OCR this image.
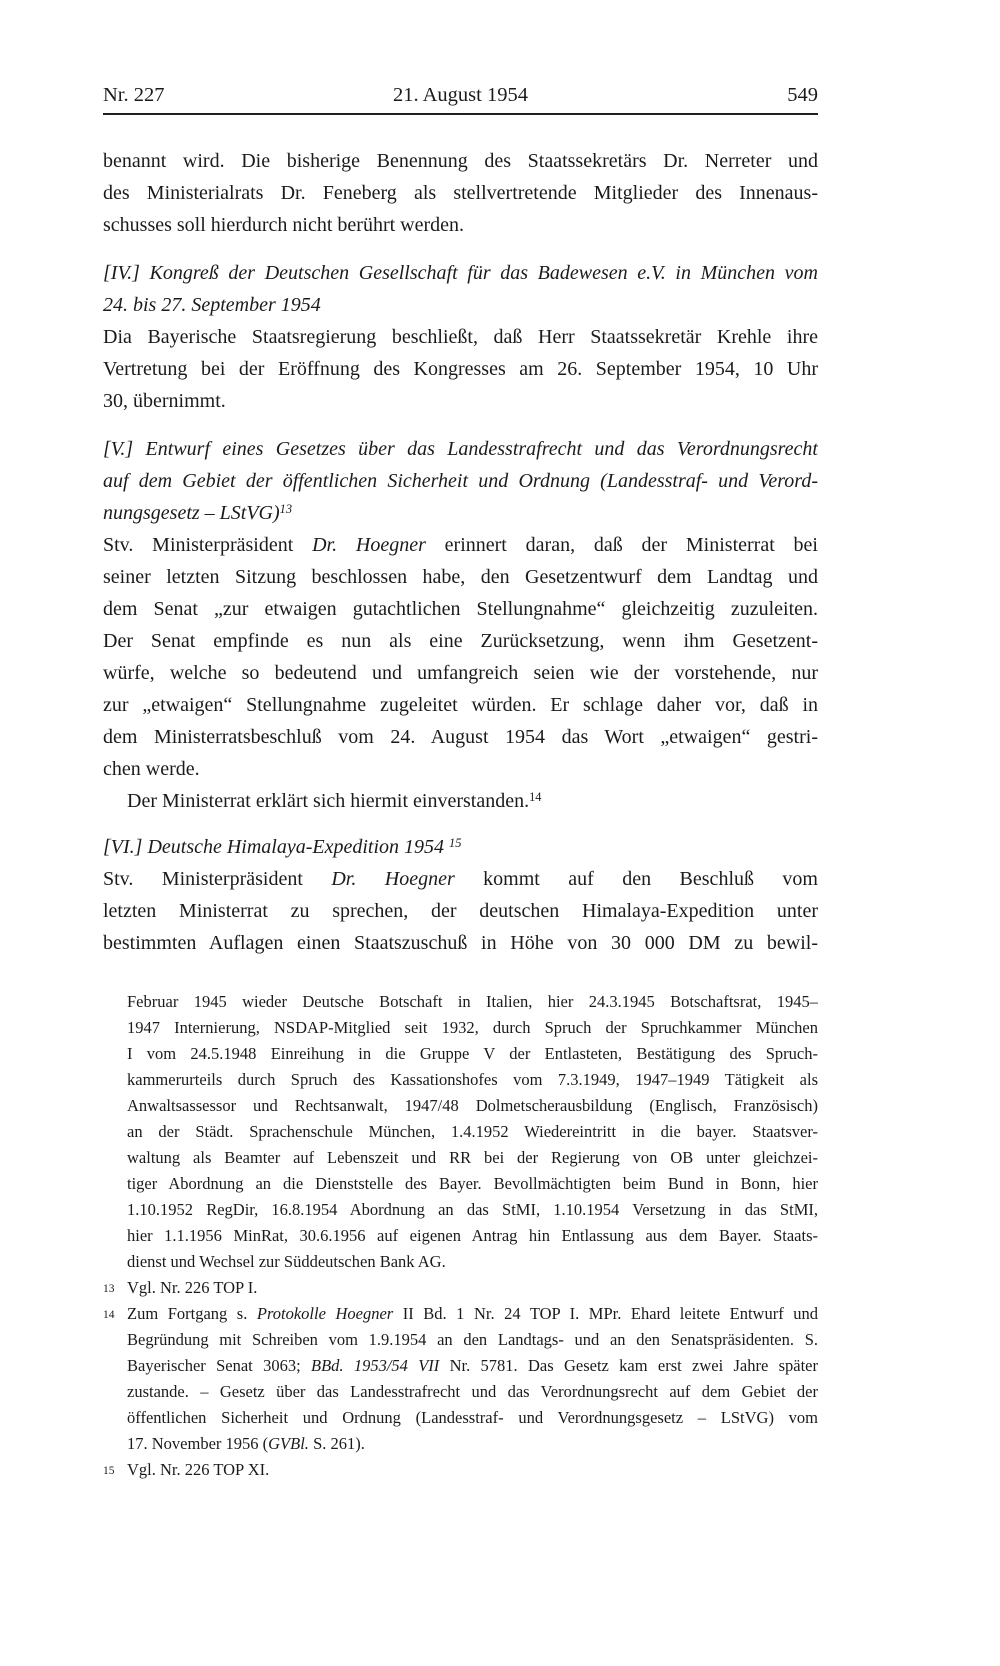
Nr. 227	21. August 1954	549
benannt wird. Die bisherige Benennung des Staatssekretärs Dr. Nerreter und
des Ministerialrats Dr. Feneberg als stellvertretende Mitglieder des Innenaus-
schusses soll hierdurch nicht berührt werden.
[IV.] Kongreß der Deutschen Gesellschaft für das Badewesen e.V. in München vom
24. bis 27. September 1954
Dia Bayerische Staatsregierung beschließt, daß Herr Staatssekretär Krehle ihre
Vertretung bei der Eröffnung des Kongresses am 26. September 1954, 10 Uhr
30, übernimmt.
[V.] Entwurf eines Gesetzes über das Landesstrafrecht und das Verordnungsrecht
auf dem Gebiet der öffentlichen Sicherheit und Ordnung (Landesstraf- und Verord-
nungsgesetz – LStVG)$^{13}$
Stv. Ministerpräsident Dr. Hoegner erinnert daran, daß der Ministerrat bei
seiner letzten Sitzung beschlossen habe, den Gesetzentwurf dem Landtag und
dem Senat „zur etwaigen gutachtlichen Stellungnahme“ gleichzeitig zuzuleiten.
Der Senat empfinde es nun als eine Zurücksetzung, wenn ihm Gesetzent-
würfe, welche so bedeutend und umfangreich seien wie der vorstehende, nur
zur „etwaigen“ Stellungnahme zugeleitet würden. Er schlage daher vor, daß in
dem Ministerratsbeschluß vom 24. August 1954 das Wort „etwaigen“ gestri-
chen werde.
Der Ministerrat erklärt sich hiermit einverstanden.$^{14}$
[VI.] Deutsche Himalaya-Expedition 1954 $^{15}$
Stv. Ministerpräsident Dr. Hoegner kommt auf den Beschluß vom
letzten Ministerrat zu sprechen, der deutschen Himalaya-Expedition unter
bestimmten Auflagen einen Staatszuschuß in Höhe von 30 000 DM zu bewil-
Februar 1945 wieder Deutsche Botschaft in Italien, hier 24.3.1945 Botschaftsrat, 1945–
1947 Internierung, NSDAP-Mitglied seit 1932, durch Spruch der Spruchkammer München
I vom 24.5.1948 Einreihung in die Gruppe V der Entlasteten, Bestätigung des Spruch-
kammerurteils durch Spruch des Kassationshofes vom 7.3.1949, 1947–1949 Tätigkeit als
Anwaltsassessor und Rechtsanwalt, 1947/48 Dolmetscherausbildung (Englisch, Französisch)
an der Städt. Sprachenschule München, 1.4.1952 Wiedereintritt in die bayer. Staatsver-
waltung als Beamter auf Lebenszeit und RR bei der Regierung von OB unter gleichzei-
tiger Abordnung an die Dienststelle des Bayer. Bevollmächtigten beim Bund in Bonn, hier
1.10.1952 RegDir, 16.8.1954 Abordnung an das StMI, 1.10.1954 Versetzung in das StMI,
hier 1.1.1956 MinRat, 30.6.1956 auf eigenen Antrag hin Entlassung aus dem Bayer. Staats-
dienst und Wechsel zur Süddeutschen Bank AG.
13 Vgl. Nr. 226 TOP I.
14 Zum Fortgang s. Protokolle Hoegner II Bd. 1 Nr. 24 TOP I. MPr. Ehard leitete Entwurf und
Begründung mit Schreiben vom 1.9.1954 an den Landtags- und an den Senatspräsidenten. S.
Bayerischer Senat 3063; BBd. 1953/54 VII Nr. 5781. Das Gesetz kam erst zwei Jahre später
zustande. – Gesetz über das Landesstrafrecht und das Verordnungsrecht auf dem Gebiet der
öffentlichen Sicherheit und Ordnung (Landesstraf- und Verordnungsgesetz – LStVG) vom
17. November 1956 (GVBl. S. 261).
15 Vgl. Nr. 226 TOP XI.
